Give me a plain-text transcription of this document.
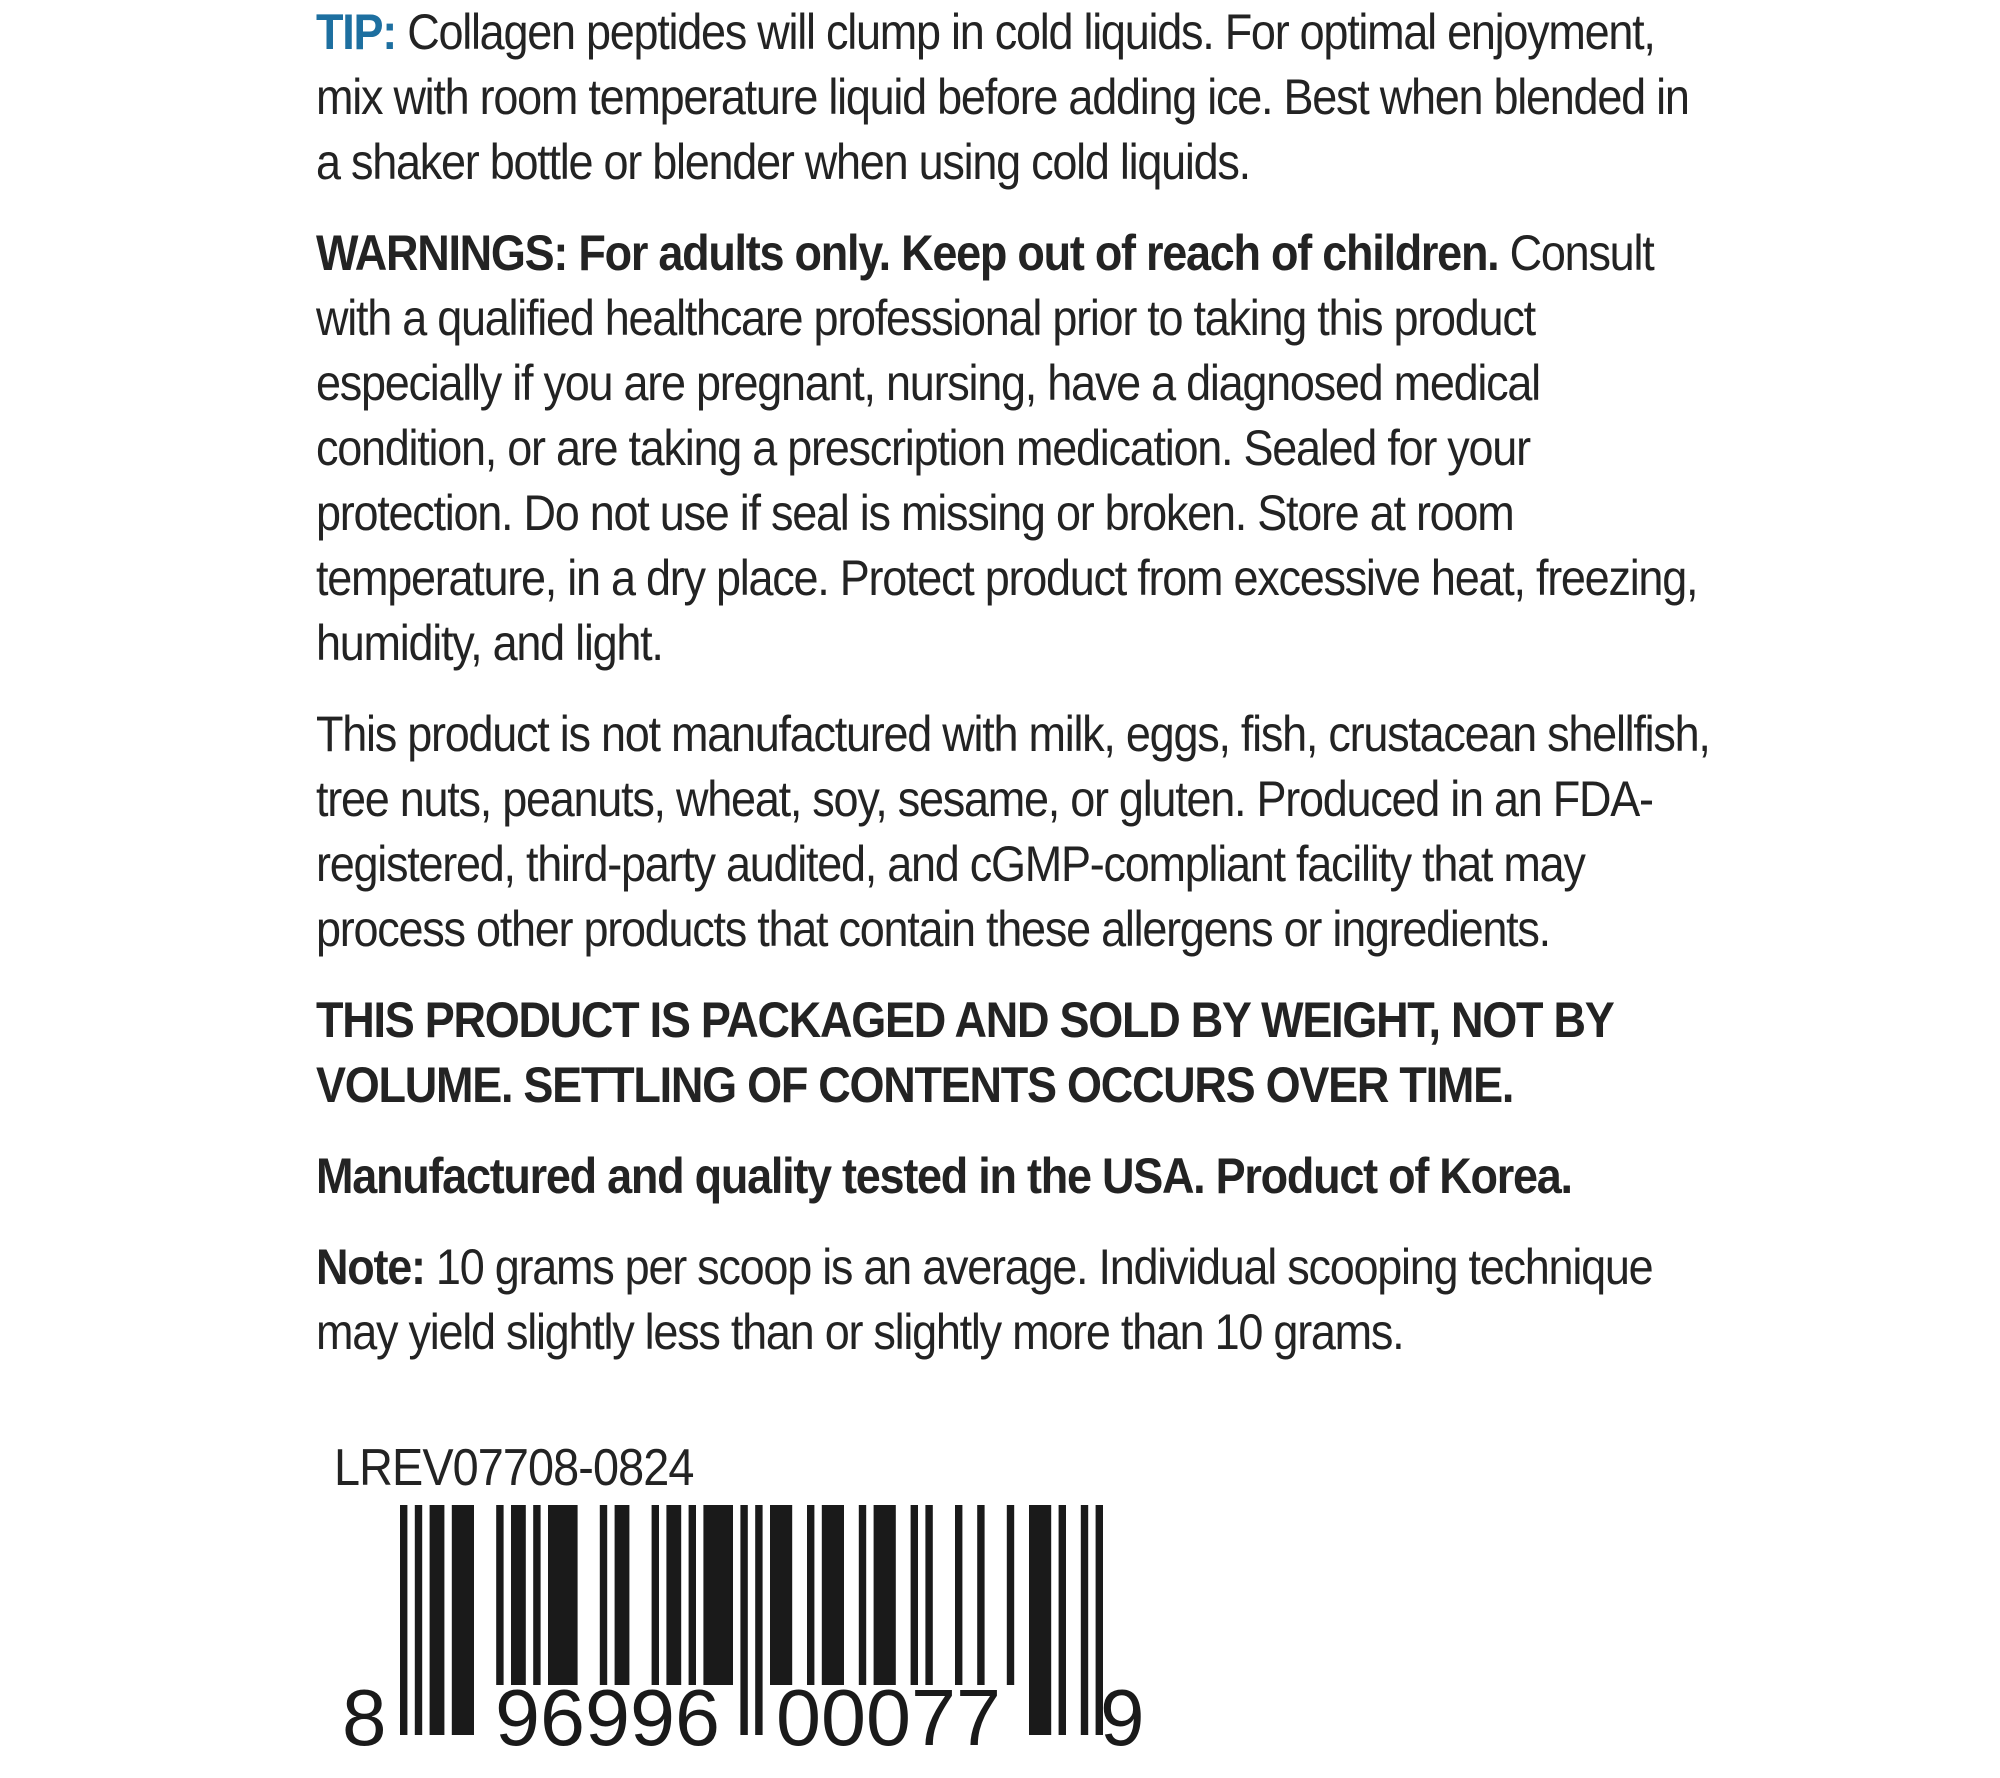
TIP: Collagen peptides will clump in cold liquids. For optimal enjoyment, mix with room temperature liquid before adding ice. Best when blended in a shaker bottle or blender when using cold liquids.

WARNINGS: For adults only. Keep out of reach of children. Consult with a qualified healthcare professional prior to taking this product especially if you are pregnant, nursing, have a diagnosed medical condition, or are taking a prescription medication. Sealed for your protection. Do not use if seal is missing or broken. Store at room temperature, in a dry place. Protect product from excessive heat, freezing, humidity, and light.

This product is not manufactured with milk, eggs, fish, crustacean shellfish, tree nuts, peanuts, wheat, soy, sesame, or gluten. Produced in an FDA-registered, third-party audited, and cGMP-compliant facility that may process other products that contain these allergens or ingredients.

THIS PRODUCT IS PACKAGED AND SOLD BY WEIGHT, NOT BY VOLUME. SETTLING OF CONTENTS OCCURS OVER TIME.

Manufactured and quality tested in the USA. Product of Korea.

Note: 10 grams per scoop is an average. Individual scooping technique may yield slightly less than or slightly more than 10 grams.

LREV07708-0824
8 96996 00077 9
